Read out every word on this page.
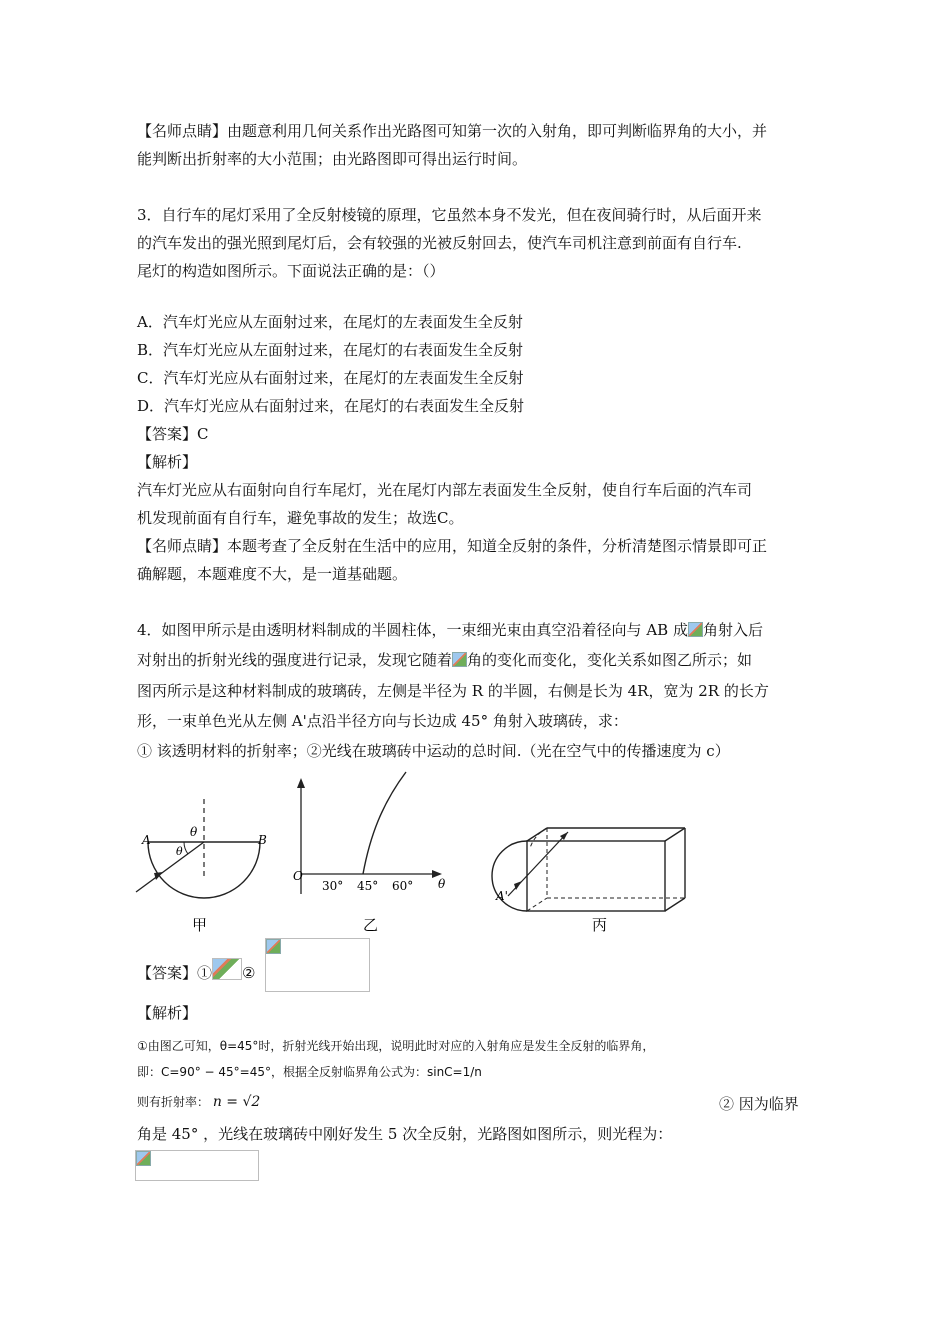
【名师点睛】由题意利用几何关系作出光路图可知第一次的入射角，即可判断临界角的大小，并
能判断出折射率的大小范围；由光路图即可得出运行时间。
3．自行车的尾灯采用了全反射棱镜的原理，它虽然本身不发光，但在夜间骑行时，从后面开来
的汽车发出的强光照到尾灯后，会有较强的光被反射回去，使汽车司机注意到前面有自行车.
尾灯的构造如图所示。下面说法正确的是：（）
A．汽车灯光应从左面射过来，在尾灯的左表面发生全反射
B．汽车灯光应从左面射过来，在尾灯的右表面发生全反射
C．汽车灯光应从右面射过来，在尾灯的左表面发生全反射
D．汽车灯光应从右面射过来，在尾灯的右表面发生全反射
【答案】C
【解析】
汽车灯光应从右面射向自行车尾灯，光在尾灯内部左表面发生全反射，使自行车后面的汽车司
机发现前面有自行车，避免事故的发生；故选C。
【名师点睛】本题考查了全反射在生活中的应用，知道全反射的条件，分析清楚图示情景即可正
确解题，本题难度不大，是一道基础题。
4．如图甲所示是由透明材料制成的半圆柱体，一束细光束由真空沿着径向与 AB 成 角射入后
对射出的折射光线的强度进行记录，发现它随着 角的变化而变化，变化关系如图乙所示；如
图丙所示是这种材料制成的玻璃砖，左侧是半径为 R 的半圆，右侧是长为 4R，宽为 2R 的长方
形，一束单色光从左侧 A'点沿半径方向与长边成 45° 角射入玻璃砖，求：
① 该透明材料的折射率；②光线在玻璃砖中运动的总时间.（光在空气中的传播速度为 c）
A	B
θ
θ
甲
O
30° 45° 60° θ
乙
A'
丙
【答案】① ②
【解析】
①由图乙可知，θ=45°时，折射光线开始出现，说明此时对应的入射角应是发生全反射的临界角，
即：C=90° − 45°=45°，根据全反射临界角公式为：sinC=1/n
则有折射率： n = √2	② 因为临界
角是 45° ，光线在玻璃砖中刚好发生 5 次全反射，光路图如图所示，则光程为：
